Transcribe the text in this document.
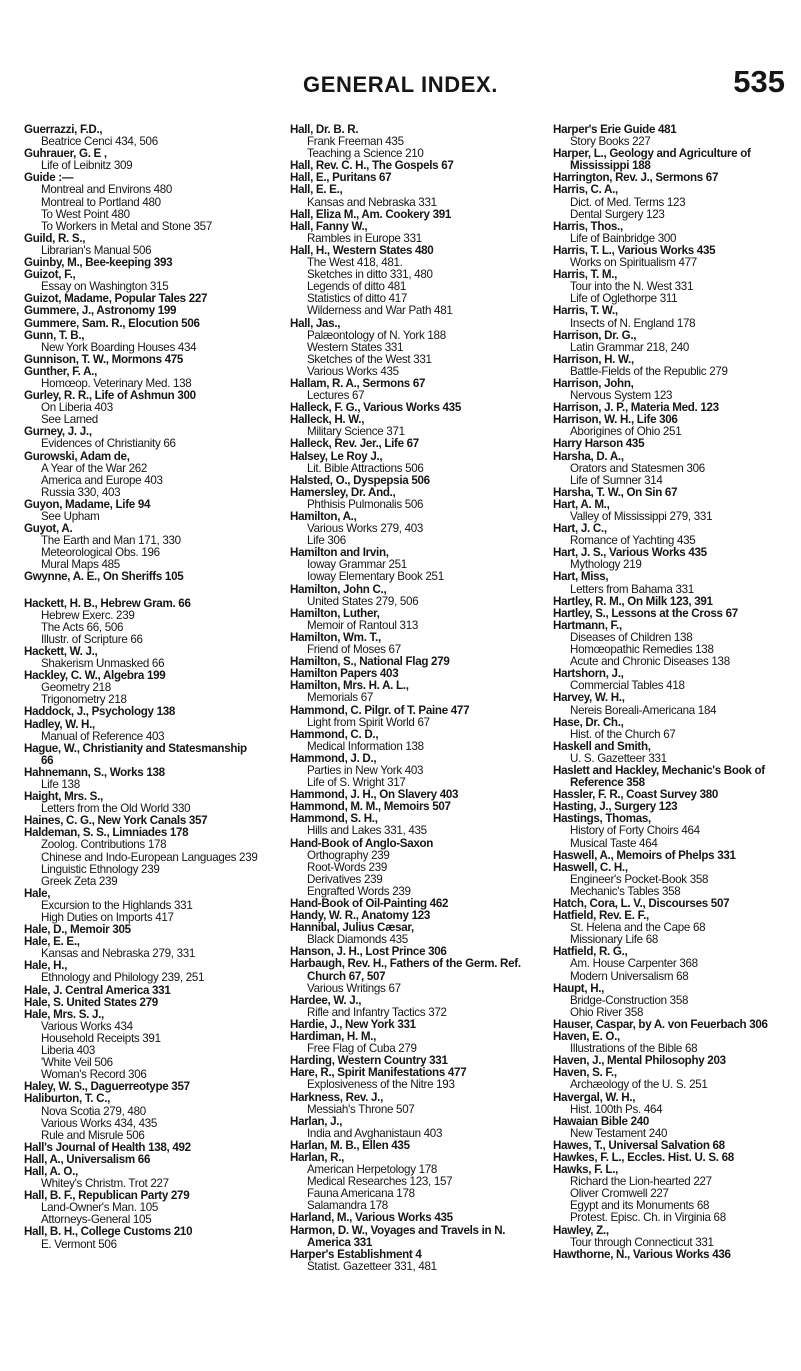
GENERAL INDEX.	535
Guerrazzi, F.D.,
Beatrice Cenci 434, 506
Guhrauer, G. E ,
Life of Leibnitz 309
Guide :—
Montreal and Environs 480
Montreal to Portland 480
To West Point 480
To Workers in Metal and Stone 357
Guild, R. S.,
Librarian's Manual 506
Guinby, M., Bee-keeping 393
Guizot, F.,
Essay on Washington 315
Guizot, Madame, Popular Tales 227
Gummere, J., Astronomy 199
Gummere, Sam. R., Elocution 506
Gunn, T. B.,
New York Boarding Houses 434
Gunnison, T. W., Mormons 475
Gunther, F. A.,
Homœop. Veterinary Med. 138
Gurley, R. R., Life of Ashmun 300
On Liberia 403
See Larned
Gurney, J. J.,
Evidences of Christianity 66
Gurowski, Adam de,
A Year of the War 262
America and Europe 403
Russia 330, 403
Guyon, Madame, Life 94
See Upham
Guyot, A.
The Earth and Man 171, 330
Meteorological Obs. 196
Mural Maps 485
Gwynne, A. E., On Sheriffs 105
Hackett, H. B., Hebrew Gram. 66
Hebrew Exerc. 239
The Acts 66, 506
Illustr. of Scripture 66
Hackett, W. J.,
Shakerism Unmasked 66
Hackley, C. W., Algebra 199
Geometry 218
Trigonometry 218
Haddock, J., Psychology 138
Hadley, W. H.,
Manual of Reference 403
Hague, W., Christianity and Statesmanship 66
Hahnemann, S., Works 138
Life 138
Haight, Mrs. S.,
Letters from the Old World 330
Haines, C. G., New York Canals 357
Haldeman, S. S., Limniades 178
Zoolog. Contributions 178
Chinese and Indo-European Languages 239
Linguistic Ethnology 239
Greek Zeta 239
Hale,
Excursion to the Highlands 331
High Duties on Imports 417
Hale, D., Memoir 305
Hale, E. E.,
Kansas and Nebraska 279, 331
Hale, H.,
Ethnology and Philology 239, 251
Hale, J. Central America 331
Hale, S. United States 279
Hale, Mrs. S. J.,
Various Works 434
Household Receipts 391
Liberia 403
'White Veil 506
Woman's Record 306
Haley, W. S., Daguerreotype 357
Haliburton, T. C.,
Nova Scotia 279, 480
Various Works 434, 435
Rule and Misrule 506
Hall's Journal of Health 138, 492
Hall, A., Universalism 66
Hall, A. O.,
Whitey's Christm. Trot 227
Hall, B. F., Republican Party 279
Land-Owner's Man. 105
Attorneys-General 105
Hall, B. H., College Customs 210
E. Vermont 506
Hall, Dr. B. R.
Frank Freeman 435
Teaching a Science 210
Hall, Rev. C. H., The Gospels 67
Hall, E., Puritans 67
Hall, E. E.,
Kansas and Nebraska 331
Hall, Eliza M., Am. Cookery 391
Hall, Fanny W.,
Rambles in Europe 331
Hall, H., Western States 480
The West 418, 481.
Sketches in ditto 331, 480
Legends of ditto 481
Statistics of ditto 417
Wilderness and War Path 481
Hall, Jas.,
Palæontology of N. York 188
Western States 331
Sketches of the West 331
Various Works 435
Hallam, R. A., Sermons 67
Lectures 67
Halleck, F. G., Various Works 435
Halleck, H. W.,
Military Science 371
Halleck, Rev. Jer., Life 67
Halsey, Le Roy J.,
Lit. Bible Attractions 506
Halsted, O., Dyspepsia 506
Hamersley, Dr. And.,
Phthisis Pulmonalis 506
Hamilton, A.,
Various Works 279, 403
Life 306
Hamilton and Irvin,
Ioway Grammar 251
Ioway Elementary Book 251
Hamilton, John C.,
United States 279, 506
Hamilton, Luther,
Memoir of Rantoul 313
Hamilton, Wm. T.,
Friend of Moses 67
Hamilton, S., National Flag 279
Hamilton Papers 403
Hamilton, Mrs. H. A. L.,
Memorials 67
Hammond, C. Pilgr. of T. Paine 477
Light from Spirit World 67
Hammond, C. D.,
Medical Information 138
Hammond, J. D.,
Parties in New York 403
Life of S. Wright 317
Hammond, J. H., On Slavery 403
Hammond, M. M., Memoirs 507
Hammond, S. H.,
Hills and Lakes 331, 435
Hand-Book of Anglo-Saxon
Orthography 239
Root-Words 239
Derivatives 239
Engrafted Words 239
Hand-Book of Oil-Painting 462
Handy, W. R., Anatomy 123
Hannibal, Julius Cæsar,
Black Diamonds 435
Hanson, J. H., Lost Prince 306
Harbaugh, Rev. H., Fathers of the Germ. Ref. Church 67, 507
Various Writings 67
Hardee, W. J.,
Rifle and Infantry Tactics 372
Hardie, J., New York 331
Hardiman, H. M.,
Free Flag of Cuba 279
Harding, Western Country 331
Hare, R., Spirit Manifestations 477
Explosiveness of the Nitre 193
Harkness, Rev. J.,
Messiah's Throne 507
Harlan, J.,
India and Avghanistaun 403
Harlan, M. B., Ellen 435
Harlan, R.,
American Herpetology 178
Medical Researches 123, 157
Fauna Americana 178
Salamandra 178
Harland, M., Various Works 435
Harmon, D. W., Voyages and Travels in N. America 331
Harper's Establishment 4
Statist. Gazetteer 331, 481
Harper's Erie Guide 481
Story Books 227
Harper, L., Geology and Agriculture of Mississippi 188
Harrington, Rev. J., Sermons 67
Harris, C. A.,
Dict. of Med. Terms 123
Dental Surgery 123
Harris, Thos.,
Life of Bainbridge 300
Harris, T. L., Various Works 435
Works on Spiritualism 477
Harris, T. M.,
Tour into the N. West 331
Life of Oglethorpe 311
Harris, T. W.,
Insects of N. England 178
Harrison, Dr. G.,
Latin Grammar 218, 240
Harrison, H. W.,
Battle-Fields of the Republic 279
Harrison, John,
Nervous System 123
Harrison, J. P., Materia Med. 123
Harrison, W. H., Life 306
Aborigines of Ohio 251
Harry Harson 435
Harsha, D. A.,
Orators and Statesmen 306
Life of Sumner 314
Harsha, T. W., On Sin 67
Hart, A. M.,
Valley of Mississippi 279, 331
Hart, J. C.,
Romance of Yachting 435
Hart, J. S., Various Works 435
Mythology 219
Hart, Miss,
Letters from Bahama 331
Hartley, R. M., On Milk 123, 391
Hartley, S., Lessons at the Cross 67
Hartmann, F.,
Diseases of Children 138
Homœopathic Remedies 138
Acute and Chronic Diseases 138
Hartshorn, J.,
Commercial Tables 418
Harvey, W. H.,
Nereis Boreali-Americana 184
Hase, Dr. Ch.,
Hist. of the Church 67
Haskell and Smith,
U. S. Gazetteer 331
Haslett and Hackley, Mechanic's Book of Reference 358
Hassler, F. R., Coast Survey 380
Hasting, J., Surgery 123
Hastings, Thomas,
History of Forty Choirs 464
Musical Taste 464
Haswell, A., Memoirs of Phelps 331
Haswell, C. H.,
Engineer's Pocket-Book 358
Mechanic's Tables 358
Hatch, Cora, L. V., Discourses 507
Hatfield, Rev. E. F.,
St. Helena and the Cape 68
Missionary Life 68
Hatfield, R. G.,
Am. House Carpenter 368
Modern Universalism 68
Haupt, H.,
Bridge-Construction 358
Ohio River 358
Hauser, Caspar, by A. von Feuerbach 306
Haven, E. O.,
Illustrations of the Bible 68
Haven, J., Mental Philosophy 203
Haven, S. F.,
Archæology of the U. S. 251
Havergal, W. H.,
Hist. 100th Ps. 464
Hawaian Bible 240
New Testament 240
Hawes, T., Universal Salvation 68
Hawkes, F. L., Eccles. Hist. U. S. 68
Hawks, F. L.,
Richard the Lion-hearted 227
Oliver Cromwell 227
Egypt and its Monuments 68
Protest. Episc. Ch. in Virginia 68
Hawley, Z.,
Tour through Connecticut 331
Hawthorne, N., Various Works 436
